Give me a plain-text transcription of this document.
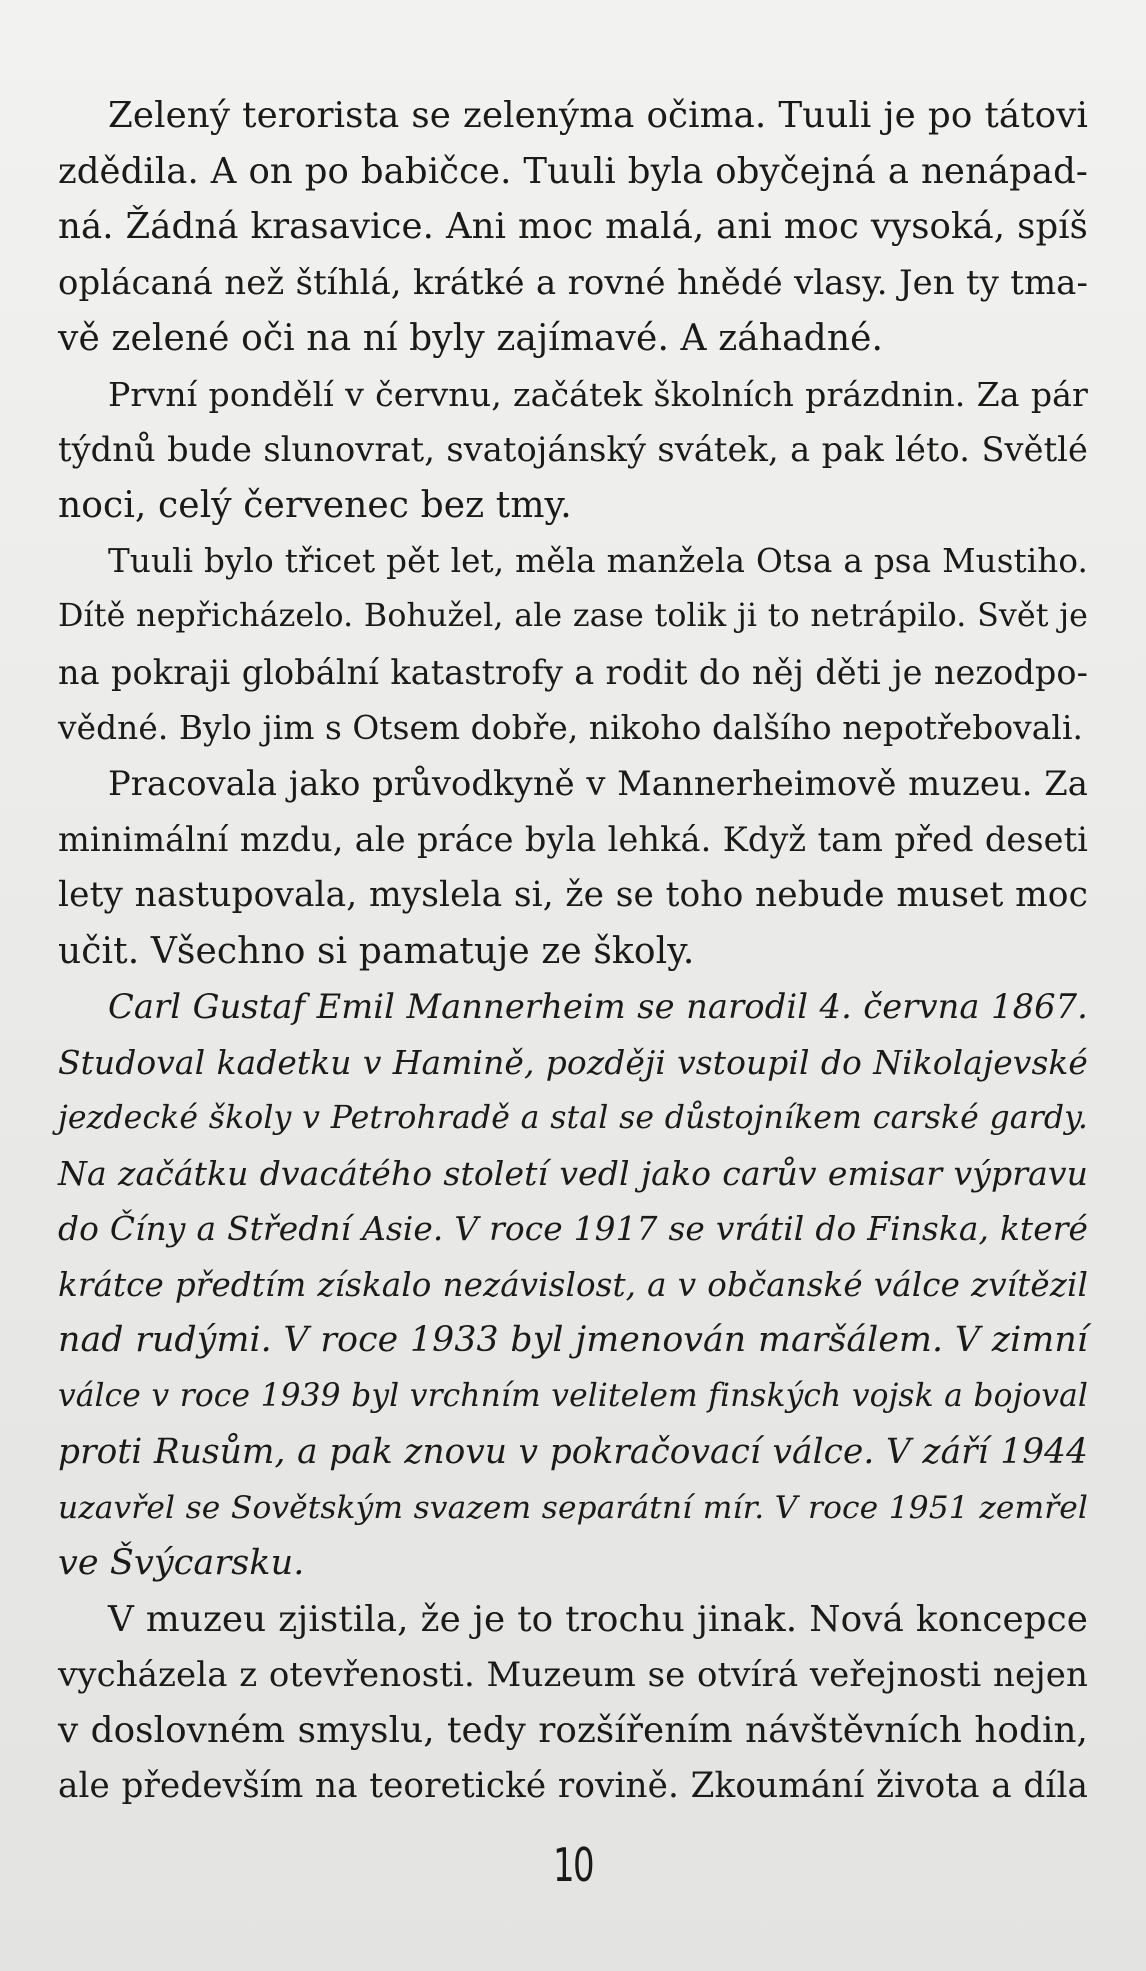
Zelený terorista se zelenýma očima. Tuuli je po tátovi
zdědila. A on po babičce. Tuuli byla obyčejná a nenápad-
ná. Žádná krasavice. Ani moc malá, ani moc vysoká, spíš
oplácaná než štíhlá, krátké a rovné hnědé vlasy. Jen ty tma-
vě zelené oči na ní byly zajímavé. A záhadné.
První pondělí v červnu, začátek školních prázdnin. Za pár
týdnů bude slunovrat, svatojánský svátek, a pak léto. Světlé
noci, celý červenec bez tmy.
Tuuli bylo třicet pět let, měla manžela Otsa a psa Mustiho.
Dítě nepřicházelo. Bohužel, ale zase tolik ji to netrápilo. Svět je
na pokraji globální katastrofy a rodit do něj děti je nezodpo-
vědné. Bylo jim s Otsem dobře, nikoho dalšího nepotřebovali.
Pracovala jako průvodkyně v Mannerheimově muzeu. Za
minimální mzdu, ale práce byla lehká. Když tam před deseti
lety nastupovala, myslela si, že se toho nebude muset moc
učit. Všechno si pamatuje ze školy.
Carl Gustaf Emil Mannerheim se narodil 4. června 1867.
Studoval kadetku v Hamině, později vstoupil do Nikolajevské
jezdecké školy v Petrohradě a stal se důstojníkem carské gardy.
Na začátku dvacátého století vedl jako carův emisar výpravu
do Číny a Střední Asie. V roce 1917 se vrátil do Finska, které
krátce předtím získalo nezávislost, a v občanské válce zvítězil
nad rudými. V roce 1933 byl jmenován maršálem. V zimní
válce v roce 1939 byl vrchním velitelem finských vojsk a bojoval
proti Rusům, a pak znovu v pokračovací válce. V září 1944
uzavřel se Sovětským svazem separátní mír. V roce 1951 zemřel
ve Švýcarsku.
V muzeu zjistila, že je to trochu jinak. Nová koncepce
vycházela z otevřenosti. Muzeum se otvírá veřejnosti nejen
v doslovném smyslu, tedy rozšířením návštěvních hodin,
ale především na teoretické rovině. Zkoumání života a díla
10
